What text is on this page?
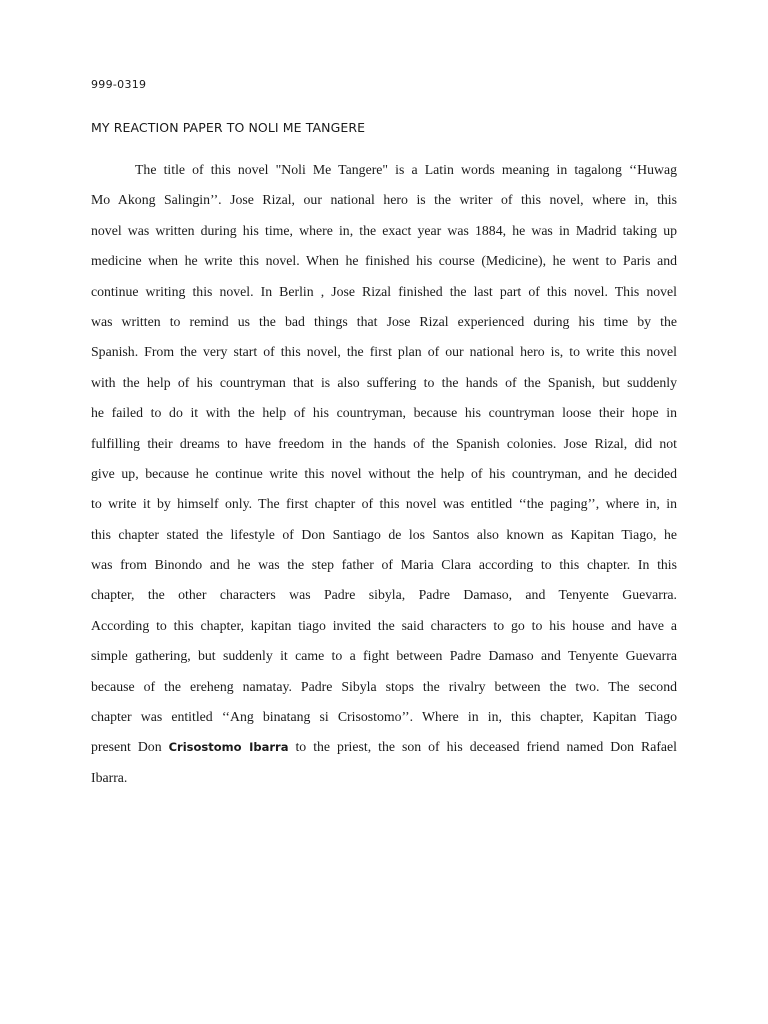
999-0319
MY REACTION PAPER TO NOLI ME TANGERE
The title of this novel "Noli Me Tangere" is a Latin words meaning in tagalong ‘‘Huwag
Mo Akong Salingin’’. Jose Rizal, our national hero is the writer of this novel, where in, this
novel was written during his time, where in, the exact year was 1884, he was in Madrid taking up
medicine when he write this novel. When he finished his course (Medicine), he went to Paris and
continue writing this novel. In Berlin , Jose Rizal finished the last part of this novel. This novel
was written to remind us the bad things that Jose Rizal experienced during his time by the
Spanish. From the very start of this novel, the first plan of our national hero is, to write this novel
with the help of his countryman that is also suffering to the hands of the Spanish, but suddenly
he failed to do it with the help of his countryman, because his countryman loose their hope in
fulfilling their dreams to have freedom in the hands of the Spanish colonies. Jose Rizal, did not
give up, because he continue write this novel without the help of his countryman, and he decided
to write it by himself only. The first chapter of this novel was entitled ‘‘the paging’’, where in, in
this chapter stated the lifestyle of Don Santiago de los Santos also known as Kapitan Tiago, he
was from Binondo and he was the step father of Maria Clara according to this chapter. In this
chapter, the other characters was Padre sibyla, Padre Damaso, and Tenyente Guevarra.
According to this chapter, kapitan tiago invited the said characters to go to his house and have a
simple gathering, but suddenly it came to a fight between Padre Damaso and Tenyente Guevarra
because of the ereheng namatay. Padre Sibyla stops the rivalry between the two. The second
chapter was entitled ‘‘Ang binatang si Crisostomo’’. Where in in, this chapter, Kapitan Tiago
present Don Crisostomo Ibarra to the priest, the son of his deceased friend named Don Rafael
Ibarra.
